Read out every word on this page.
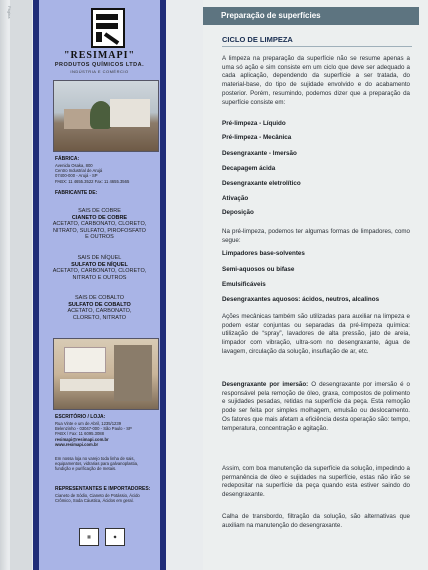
Página
"RESIMAPI"
PRODUTOS QUÍMICOS LTDA.
INDÚSTRIA E COMÉRCIO
FÁBRICA:
Avenida Osaka, 800
Centro Industrial de Arujá
07400-000 - Arujá - SP
PABX: 11 4655.3522 Fax: 11 4655.3565
FABRICANTE DE:
SAIS DE COBRE
CIANETO DE COBRE
ACETATO, CARBONATO, CLORETO, NITRATO, SULFATO, PIROFOSFATO E OUTROS
SAIS DE NÍQUEL
SULFATO DE NÍQUEL
ACETATO, CARBONATO, CLORETO, NITRATO E OUTROS
SAIS DE COBALTO
SULFATO DE COBALTO
ACETATO, CARBONATO, CLORETO, NITRATO
ESCRITÓRIO / LOJA:
Rua Vinte e um de Abril, 1235/1239
Belenzinho - 03047-000 - São Paulo - SP
PABX / Fax: 11 6095.3088
resimapi@resimapi.com.br
www.resimapi.com.br
Em nossa loja no varejo toda linha de sais, equipamentos, vidrarias para galvanoplastia, fundição e purificação de metais.
REPRESENTANTES E IMPORTADORES:
Cianeto de Sódio, Cianeto de Potássio, Ácido Crômico, Soda Cáustica, Ácidos em geral.
▦	◆
Preparação de superfícies
CICLO DE LIMPEZA
A limpeza na preparação da superfície não se resume apenas a uma só ação e sim consiste em um ciclo que deve ser adequado a cada aplicação, dependendo da superfície a ser tratada, do material-base, do tipo de sujidade envolvido e do acabamento posterior. Porém, resumindo, podemos dizer que a preparação da superfície consiste em:
Pré-limpeza - Líquido
Pré-limpeza - Mecânica
Desengraxante - Imersão
Decapagem ácida
Desengraxante eletrolítico
Ativação
Deposição
Na pré-limpeza, podemos ter algumas formas de limpadores, como segue:
Limpadores base-solventes
Semi-aquosos ou bifase
Emulsificáveis
Desengraxantes aquosos: ácidos, neutros, alcalinos
Ações mecânicas também são utilizadas para auxiliar na limpeza e podem estar conjuntas ou separadas da pré-limpeza química: utilização de “spray”, lavadores de alta pressão, jato de areia, limpador com vibração, ultra-som no desengraxante, água de lavagem, circulação da solução, insuflação de ar, etc.
Desengraxante por imersão: O desengraxante por imersão é o responsável pela remoção de óleo, graxa, compostos de polimento e sujidades pesadas, retidas na superfície da peça. Esta remoção pode ser feita por simples molhagem, emulsão ou deslocamento. Os fatores que mais afetam a eficiência desta operação são: tempo, temperatura, concentração e agitação.
Assim, com boa manutenção da superfície da solução, impedindo a permanência de óleo e sujidades na superfície, estas não irão se redepositar na superfície da peça quando esta estiver saindo do desengraxante.
Calha de transbordo, filtração da solução, são alternativas que auxiliam na manutenção do desengraxante.
